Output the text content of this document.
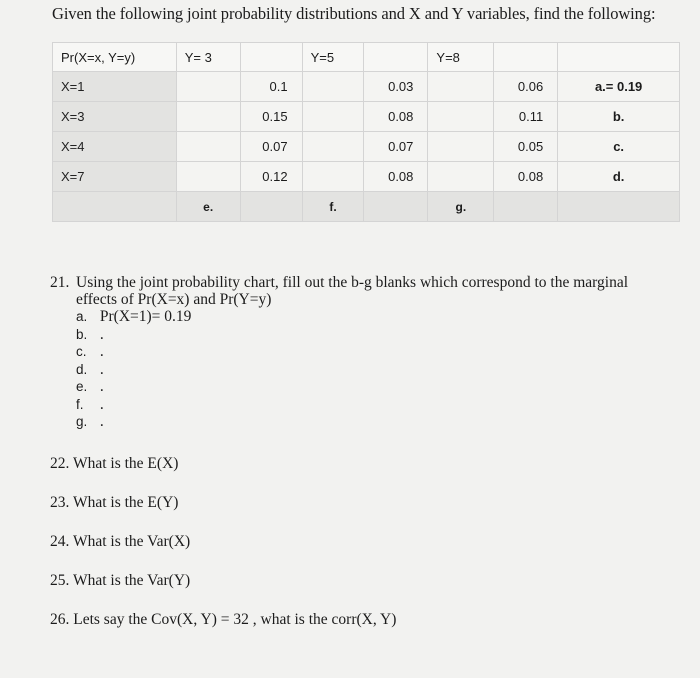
Given the following joint probability distributions and X and Y variables, find the following:
Pr(X=x, Y=y)	Y= 3		Y=5		Y=8		
X=1		0.1		0.03		0.06	a.= 0.19
X=3		0.15		0.08		0.11	b.
X=4		0.07		0.07		0.05	c.
X=7		0.12		0.08		0.08	d.
	e.		f.		g.		
21. Using the joint probability chart, fill out the b-g blanks which correspond to the marginal effects of Pr(X=x) and Pr(Y=y)
a. Pr(X=1)= 0.19
b. .
c. .
d. .
e. .
f. .
g. .
22. What is the E(X)
23. What is the E(Y)
24. What is the Var(X)
25. What is the Var(Y)
26. Lets say the Cov(X, Y) = 32 , what is the corr(X, Y)
